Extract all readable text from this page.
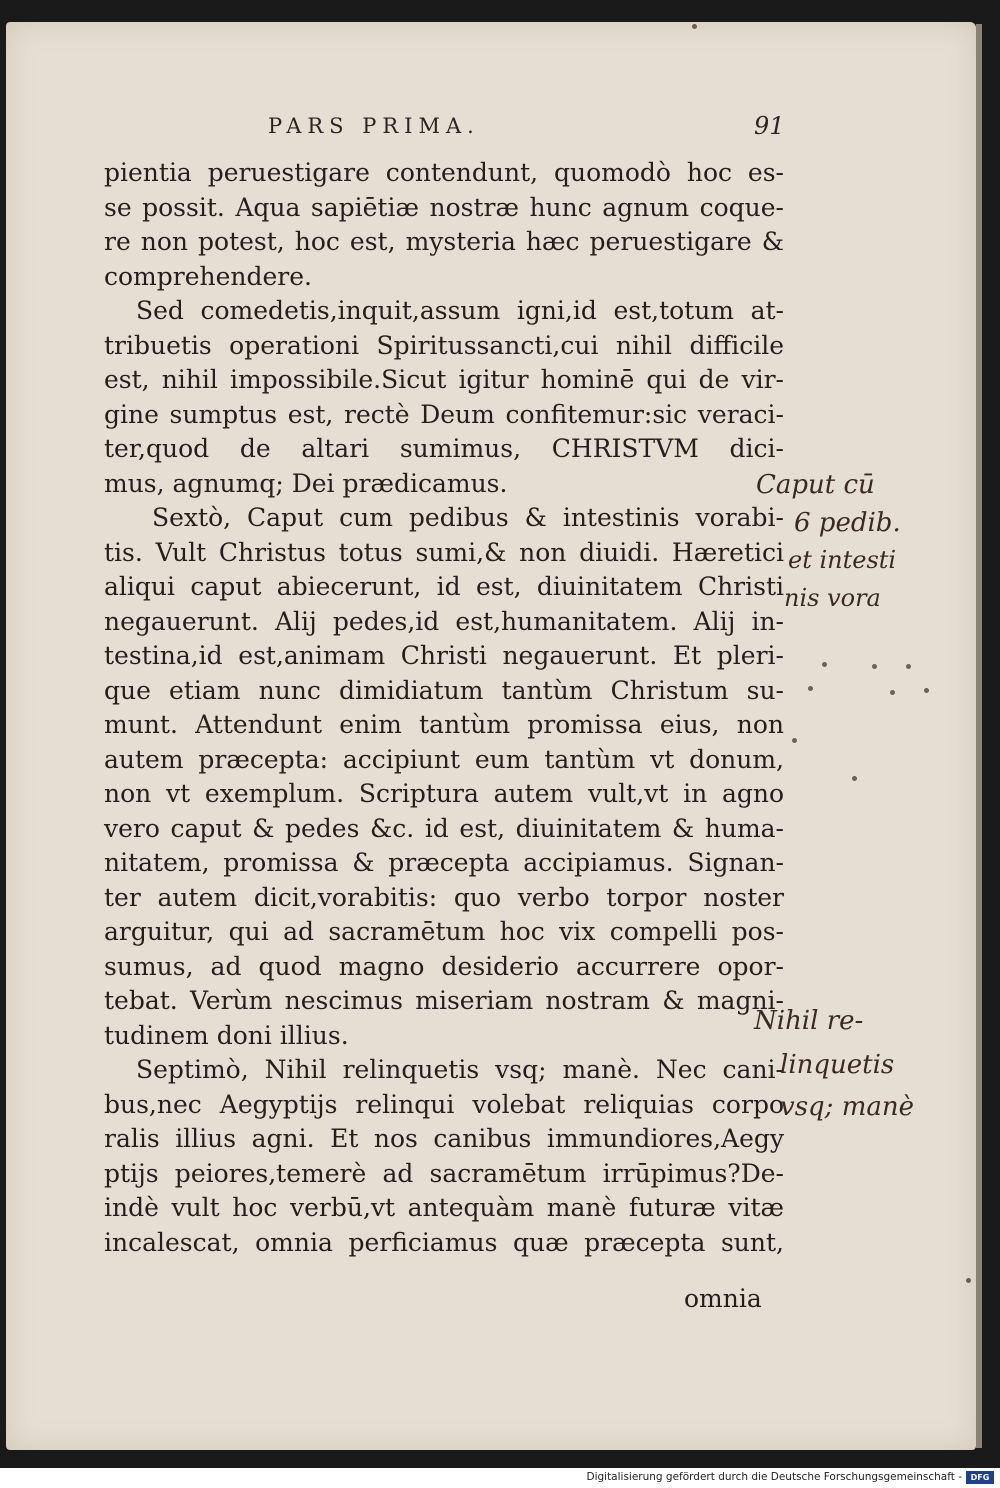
PARS PRIMA.	91
pientia peruestigare contendunt, quomodò hoc es-
se possit. Aqua sapiētiæ nostræ hunc agnum coque-
re non potest, hoc est, mysteria hæc peruestigare &
comprehendere.
Sed comedetis,inquit,assum igni,id est,totum at-
tribuetis operationi Spiritussancti,cui nihil difficile
est, nihil impossibile.Sicut igitur hominē qui de vir-
gine sumptus est, rectè Deum confitemur:sic veraci-
ter,quod de altari sumimus, CHRISTVM dici-
mus, agnumq; Dei prædicamus.
Sextò, Caput cum pedibus & intestinis vorabi-
tis. Vult Christus totus sumi,& non diuidi. Hæretici
aliqui caput abiecerunt, id est, diuinitatem Christi
negauerunt. Alij pedes,id est,humanitatem. Alij in-
testina,id est,animam Christi negauerunt. Et pleri-
que etiam nunc dimidiatum tantùm Christum su-
munt. Attendunt enim tantùm promissa eius, non
autem præcepta: accipiunt eum tantùm vt donum,
non vt exemplum. Scriptura autem vult,vt in agno
vero caput & pedes &c. id est, diuinitatem & huma-
nitatem, promissa & præcepta accipiamus. Signan-
ter autem dicit,vorabitis: quo verbo torpor noster
arguitur, qui ad sacramētum hoc vix compelli pos-
sumus, ad quod magno desiderio accurrere opor-
tebat. Verùm nescimus miseriam nostram & magni-
tudinem doni illius.
Septimò, Nihil relinquetis vsq; manè. Nec cani-
bus,nec Aegyptijs relinqui volebat reliquias corpo
ralis illius agni. Et nos canibus immundiores,Aegy
ptijs peiores,temerè ad sacramētum irrūpimus?De-
indè vult hoc verbū,vt antequàm manè futuræ vitæ
incalescat, omnia perficiamus quæ præcepta sunt,
omnia
Caput cū
6 pedib.
et intesti
nis vora
Nihil re-
linquetis
vsq; manè
Digitalisierung gefördert durch die Deutsche Forschungsgemeinschaft -	DFG
